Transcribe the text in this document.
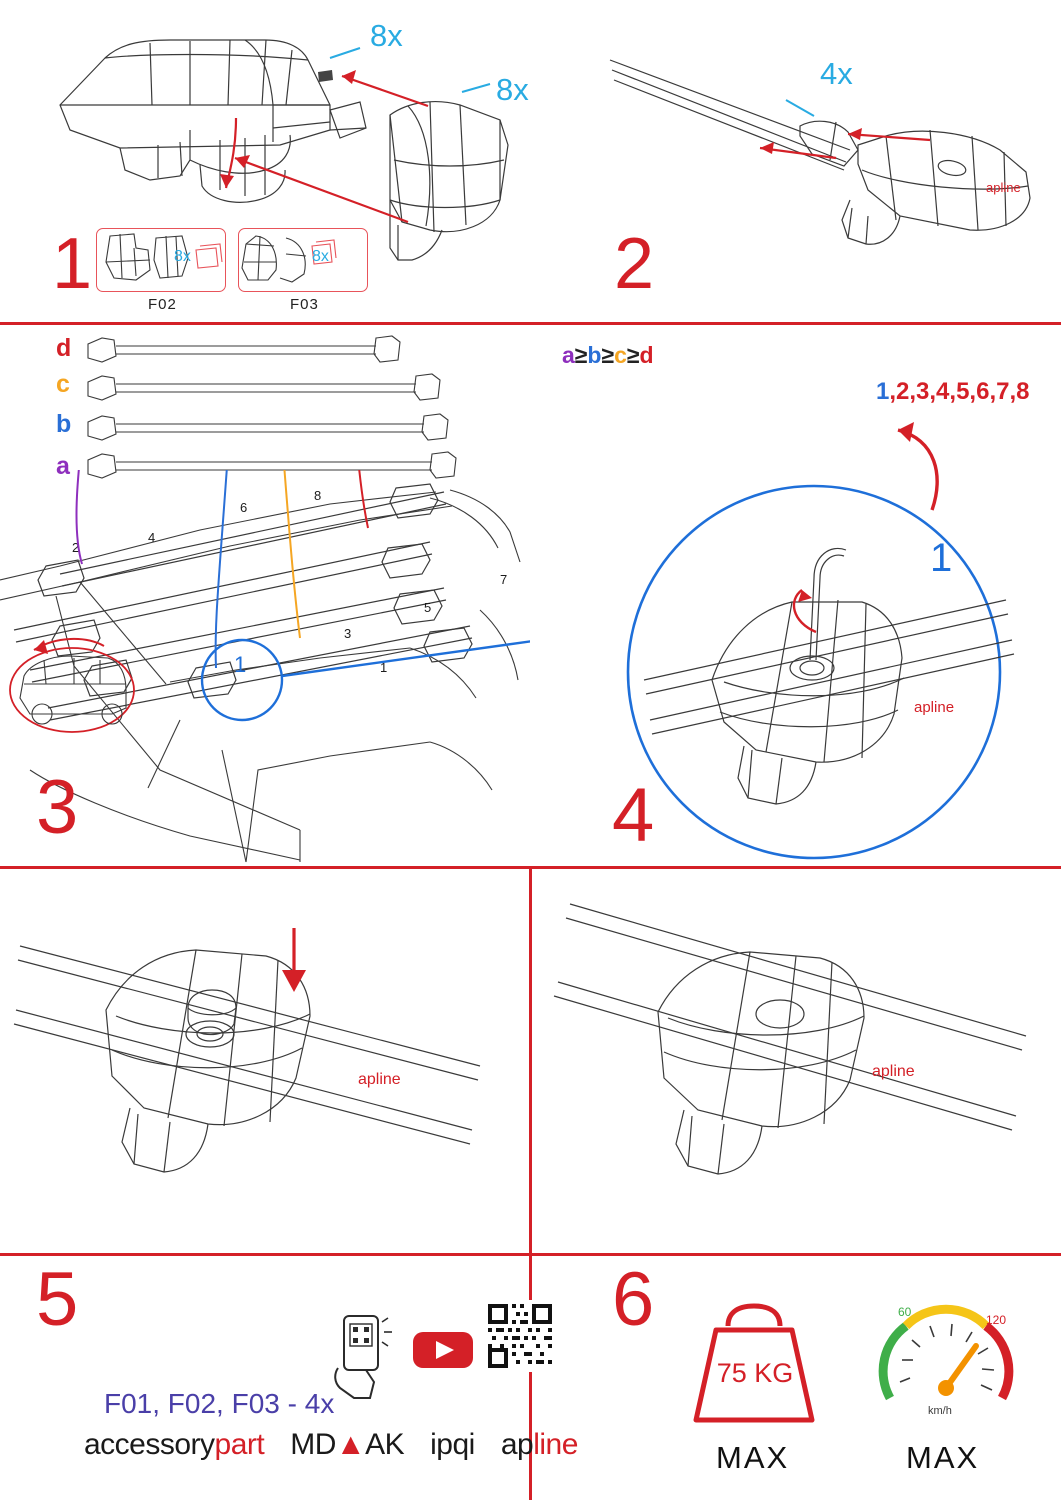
8x
8x
8x	8x
F02	F03
1
apline
4x
2
d
c
b
a
a≥b≥c≥d
2
4
6
8
7
5
3
1
1
3
1,2,3,4,5,6,7,8
apline
1
4
apline	apline
5
F01, F02, F03 - 4x
accessorypart MD▲AK ipqi apline
6
75 KG
MAX
60
120
km/h
MAX
